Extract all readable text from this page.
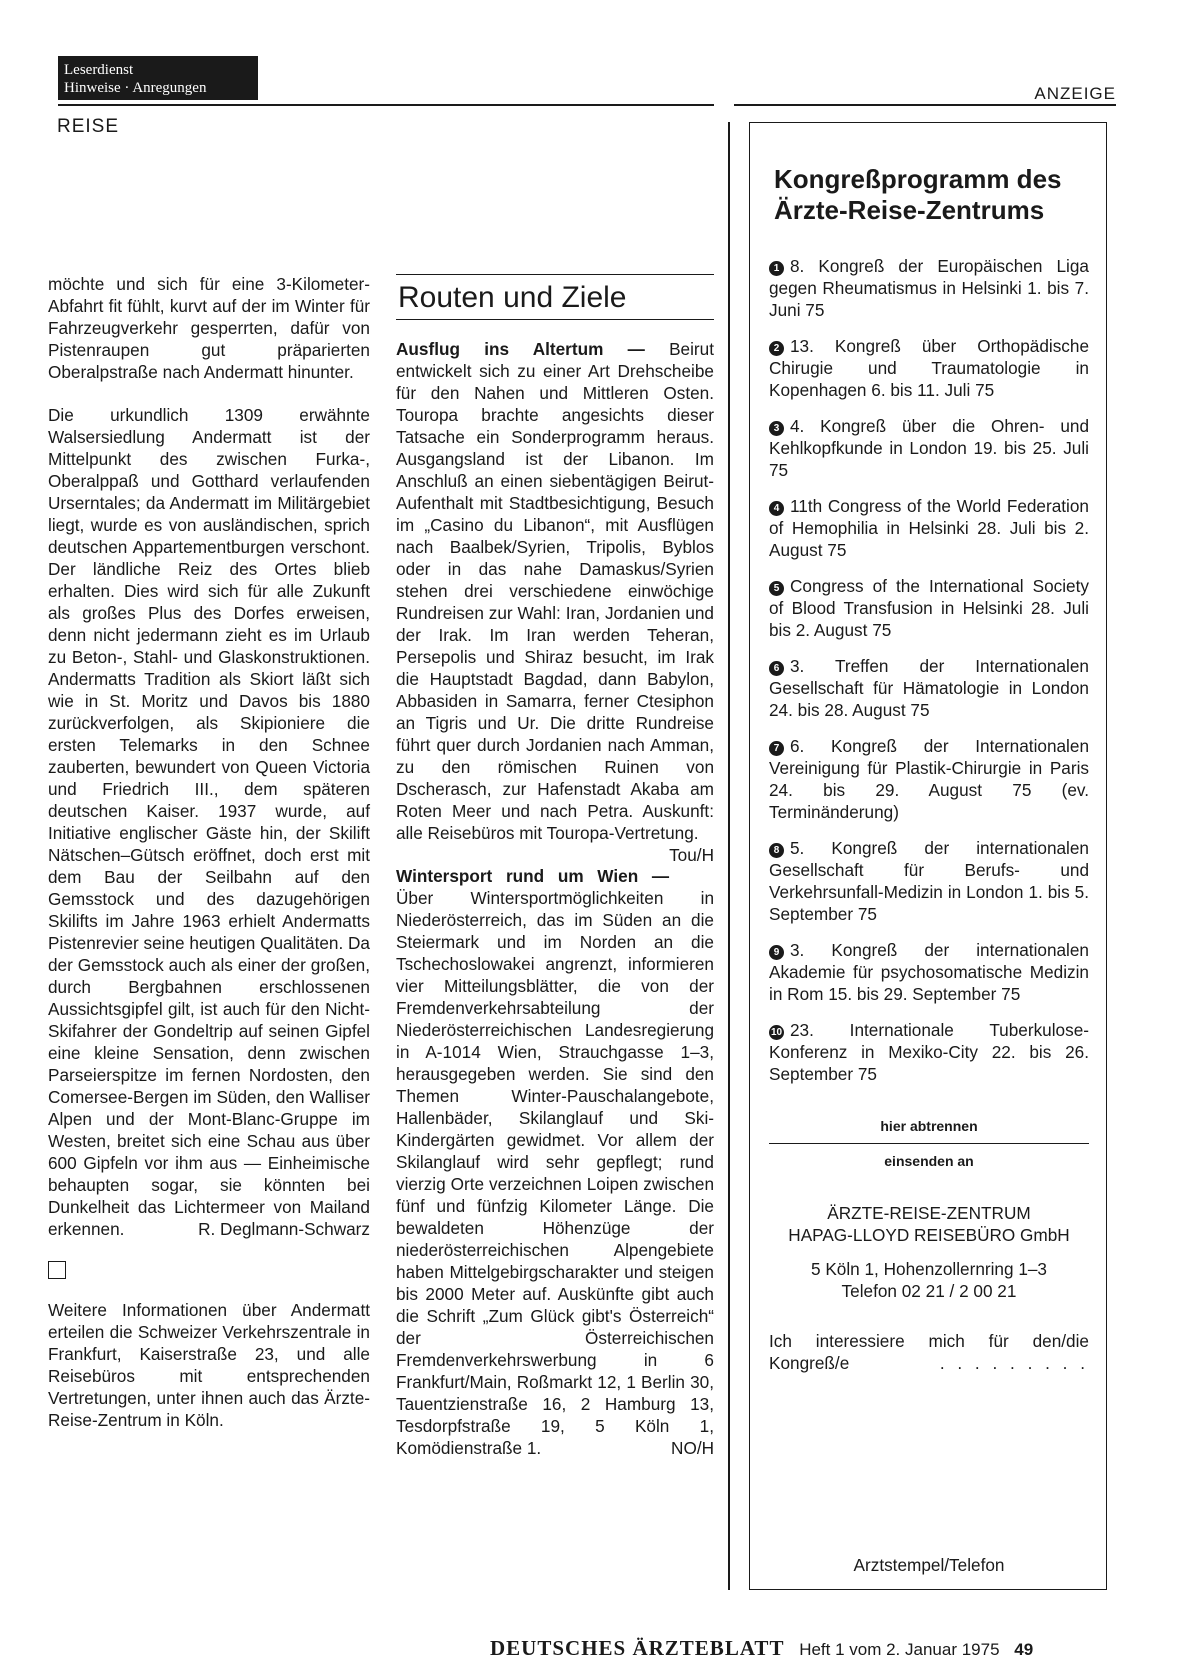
Leserdienst
Hinweise · Anregungen	ANZEIGE
REISE

möchte und sich für eine 3-Kilometer-Abfahrt fit fühlt, kurvt auf der im Winter für Fahrzeugverkehr gesperrten, dafür von Pistenraupen gut präparierten Oberalpstraße nach Andermatt hinunter.

Die urkundlich 1309 erwähnte Walsersiedlung Andermatt ist der Mittelpunkt des zwischen Furka-, Oberalppaß und Gotthard verlaufenden Urserntales; da Andermatt im Militärgebiet liegt, wurde es von ausländischen, sprich deutschen Appartementburgen verschont. Der ländliche Reiz des Ortes blieb erhalten. Dies wird sich für alle Zukunft als großes Plus des Dorfes erweisen, denn nicht jedermann zieht es im Urlaub zu Beton-, Stahl- und Glaskonstruktionen. Andermatts Tradition als Skiort läßt sich wie in St. Moritz und Davos bis 1880 zurückverfolgen, als Skipioniere die ersten Telemarks in den Schnee zauberten, bewundert von Queen Victoria und Friedrich III., dem späteren deutschen Kaiser. 1937 wurde, auf Initiative englischer Gäste hin, der Skilift Nätschen–Gütsch eröffnet, doch erst mit dem Bau der Seilbahn auf den Gemsstock und des dazugehörigen Skilifts im Jahre 1963 erhielt Andermatts Pistenrevier seine heutigen Qualitäten. Da der Gemsstock auch als einer der großen, durch Bergbahnen erschlossenen Aussichtsgipfel gilt, ist auch für den Nicht-Skifahrer der Gondeltrip auf seinen Gipfel eine kleine Sensation, denn zwischen Parseierspitze im fernen Nordosten, den Comersee-Bergen im Süden, den Walliser Alpen und der Mont-Blanc-Gruppe im Westen, breitet sich eine Schau aus über 600 Gipfeln vor ihm aus — Einheimische behaupten sogar, sie könnten bei Dunkelheit das Lichtermeer von Mailand erkennen.	R. Deglmann-Schwarz

Weitere Informationen über Andermatt erteilen die Schweizer Verkehrszentrale in Frankfurt, Kaiserstraße 23, und alle Reisebüros mit entsprechenden Vertretungen, unter ihnen auch das Ärzte-Reise-Zentrum in Köln.

Routen und Ziele

Ausflug ins Altertum — Beirut entwickelt sich zu einer Art Drehscheibe für den Nahen und Mittleren Osten. Touropa brachte angesichts dieser Tatsache ein Sonderprogramm heraus. Ausgangsland ist der Libanon. Im Anschluß an einen siebentägigen Beirut-Aufenthalt mit Stadtbesichtigung, Besuch im „Casino du Libanon“, mit Ausflügen nach Baalbek/Syrien, Tripolis, Byblos oder in das nahe Damaskus/Syrien stehen drei verschiedene einwöchige Rundreisen zur Wahl: Iran, Jordanien und der Irak. Im Iran werden Teheran, Persepolis und Shiraz besucht, im Irak die Hauptstadt Bagdad, dann Babylon, Abbasiden in Samarra, ferner Ctesiphon an Tigris und Ur. Die dritte Rundreise führt quer durch Jordanien nach Amman, zu den römischen Ruinen von Dscherasch, zur Hafenstadt Akaba am Roten Meer und nach Petra. Auskunft: alle Reisebüros mit Touropa-Vertretung.
Tou/H

Wintersport rund um Wien — Über Wintersportmöglichkeiten in Niederösterreich, das im Süden an die Steiermark und im Norden an die Tschechoslowakei angrenzt, informieren vier Mitteilungsblätter, die von der Fremdenverkehrsabteilung der Niederösterreichischen Landesregierung in A-1014 Wien, Strauchgasse 1–3, herausgegeben werden. Sie sind den Themen Winter-Pauschalangebote, Hallenbäder, Skilanglauf und Ski-Kindergärten gewidmet. Vor allem der Skilanglauf wird sehr gepflegt; rund vierzig Orte verzeichnen Loipen zwischen fünf und fünfzig Kilometer Länge. Die bewaldeten Höhenzüge der niederösterreichischen Alpengebiete haben Mittelgebirgscharakter und steigen bis 2000 Meter auf. Auskünfte gibt auch die Schrift „Zum Glück gibt's Österreich“ der Österreichischen Fremdenverkehrswerbung in 6 Frankfurt/Main, Roßmarkt 12, 1 Berlin 30, Tauentzienstraße 16, 2 Hamburg 13, Tesdorpfstraße 19, 5 Köln 1, Komödienstraße 1.	NO/H

Kongreßprogramm des
Ärzte-Reise-Zentrums

1 8. Kongreß der Europäischen Liga gegen Rheumatismus in Helsinki 1. bis 7. Juni 75

2 13. Kongreß über Orthopädische Chirugie und Traumatologie in Kopenhagen 6. bis 11. Juli 75

3 4. Kongreß über die Ohren- und Kehlkopfkunde in London 19. bis 25. Juli 75

4 11th Congress of the World Federation of Hemophilia in Helsinki 28. Juli bis 2. August 75

5 Congress of the International Society of Blood Transfusion in Helsinki 28. Juli bis 2. August 75

6 3. Treffen der Internationalen Gesellschaft für Hämatologie in London 24. bis 28. August 75

7 6. Kongreß der Internationalen Vereinigung für Plastik-Chirurgie in Paris 24. bis 29. August 75 (ev. Terminänderung)

8 5. Kongreß der internationalen Gesellschaft für Berufs- und Verkehrsunfall-Medizin in London 1. bis 5. September 75

9 3. Kongreß der internationalen Akademie für psychosomatische Medizin in Rom 15. bis 29. September 75

10 23. Internationale Tuberkulose-Konferenz in Mexiko-City 22. bis 26. September 75

hier abtrennen
einsenden an
ÄRZTE-REISE-ZENTRUM
HAPAG-LLOYD REISEBÜRO GmbH
5 Köln 1, Hohenzollernring 1–3
Telefon 02 21 / 2 00 21
Ich interessiere mich für den/die Kongreß/e	. . . . . . . . .
Arztstempel/Telefon
DEUTSCHES ÄRZTEBLATT Heft 1 vom 2. Januar 1975 49
